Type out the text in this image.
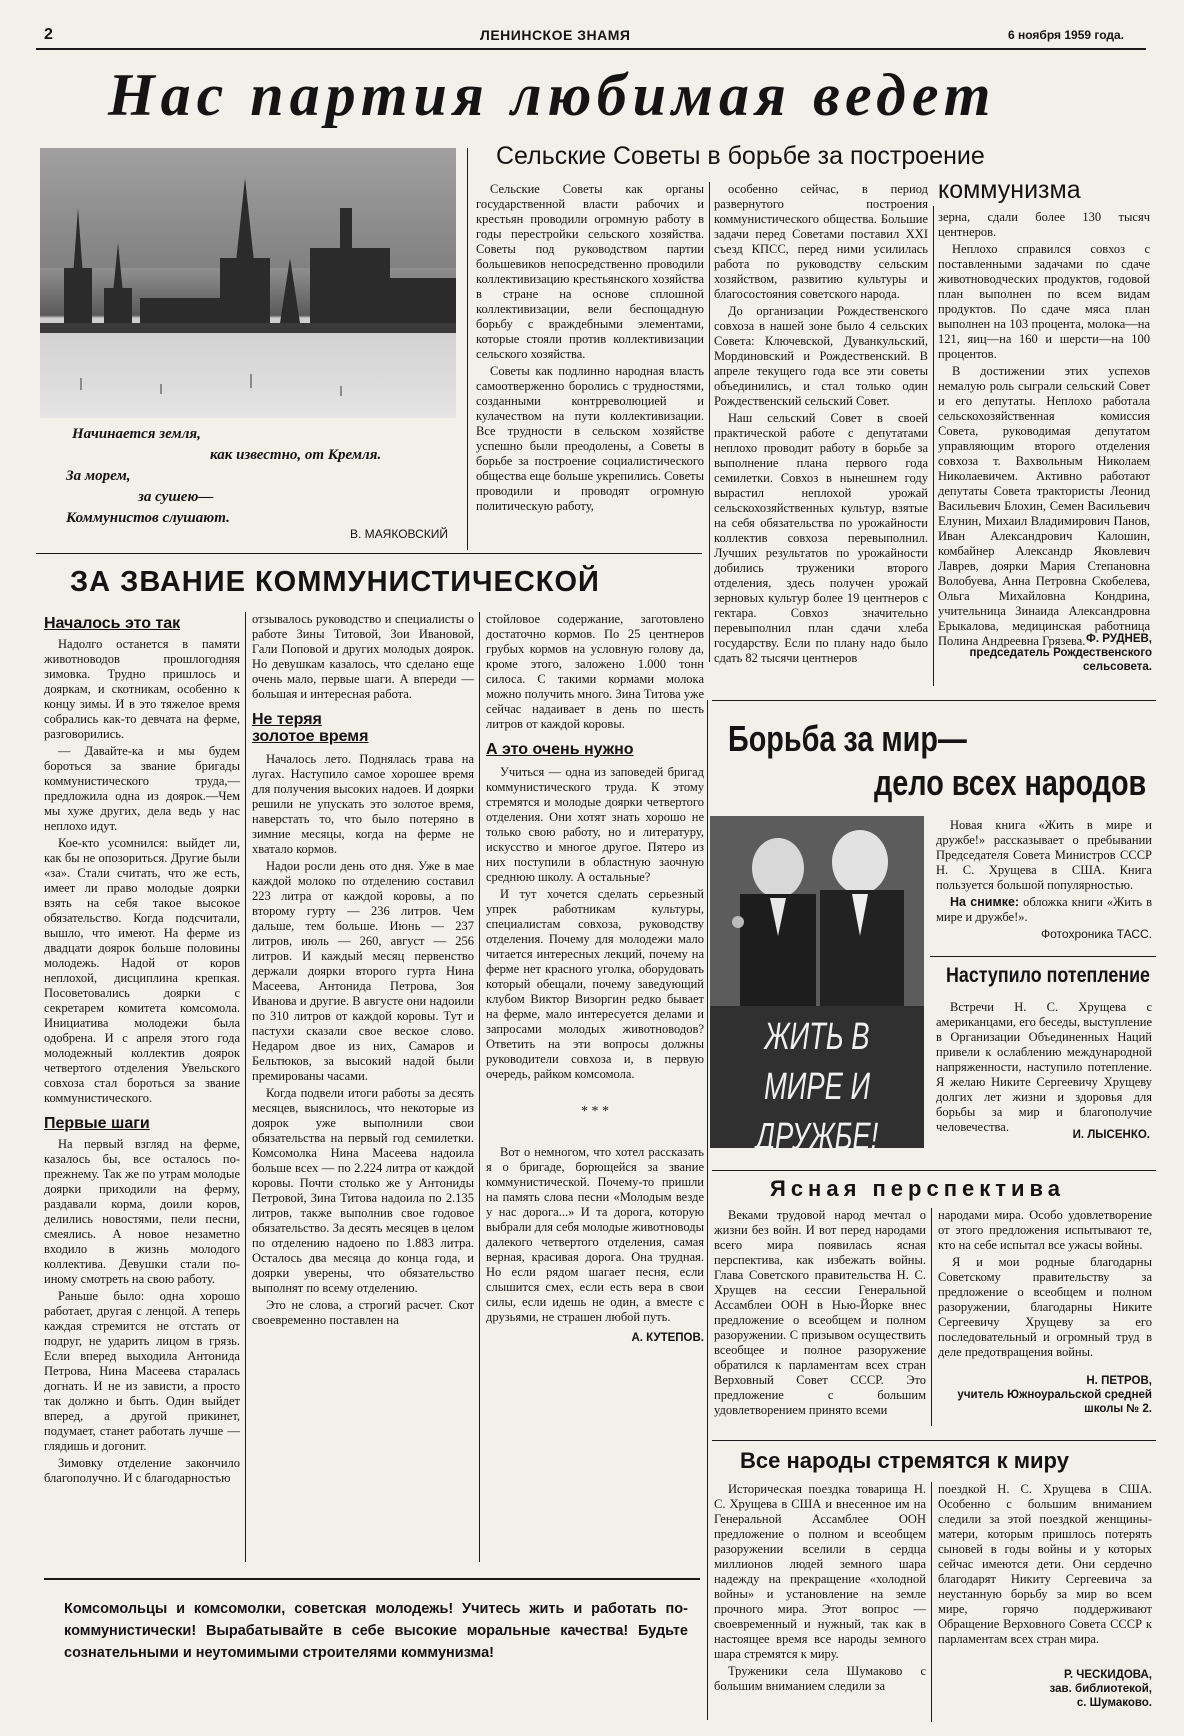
2	ЛЕНИНСКОЕ ЗНАМЯ	6 ноября 1959 года.
Нас партия любимая ведет
Начинается земля,
как известно, от Кремля.
За морем,
за сушею—
Коммунистов слушают.
В. МАЯКОВСКИЙ
Сельские Советы в борьбе за построение
коммунизма

Сельские Советы как органы государственной власти рабочих и крестьян проводили огромную работу в годы перестройки сельского хозяйства. Советы под руководством партии большевиков непосредственно проводили коллективизацию крестьянского хозяйства в стране на основе сплошной коллективизации, вели беспощадную борьбу с враждебными элементами, которые стояли против коллективизации сельского хозяйства.

Советы как подлинно народная власть самоотверженно боролись с трудностями, созданными контрреволюцией и кулачеством на пути коллективизации. Все трудности в сельском хозяйстве успешно были преодолены, а Советы в борьбе за построение социалистического общества еще больше укрепились. Советы проводили и проводят огромную политическую работу,

особенно сейчас, в период развернутого построения коммунистического общества. Большие задачи перед Советами поставил XXI съезд КПСС, перед ними усилилась работа по руководству сельским хозяйством, развитию культуры и благосостояния советского народа.

До организации Рождественского совхоза в нашей зоне было 4 сельских Совета: Ключевской, Дуванкульский, Мординовский и Рождественский. В апреле текущего года все эти советы объединились, и стал только один Рождественский сельский Совет.

Наш сельский Совет в своей практической работе с депутатами неплохо проводит работу в борьбе за выполнение плана первого года семилетки. Совхоз в нынешнем году вырастил неплохой урожай сельскохозяйственных культур, взятые на себя обязательства по урожайности коллектив совхоза перевыполнил. Лучших результатов по урожайности добились труженики второго отделения, здесь получен урожай зерновых культур более 19 центнеров с гектара. Совхоз значительно перевыполнил план сдачи хлеба государству. Если по плану надо было сдать 82 тысячи центнеров

зерна, сдали более 130 тысяч центнеров.

Неплохо справился совхоз с поставленными задачами по сдаче животноводческих продуктов, годовой план выполнен по всем видам продуктов. По сдаче мяса план выполнен на 103 процента, молока—на 121, яиц—на 160 и шерсти—на 100 процентов.

В достижении этих успехов немалую роль сыграли сельский Совет и его депутаты. Неплохо работала сельскохозяйственная комиссия Совета, руководимая депутатом управляющим второго отделения совхоза т. Вахвольным Николаем Николаевичем. Активно работают депутаты Совета трактористы Леонид Васильевич Блохин, Семен Васильевич Елунин, Михаил Владимирович Панов, Иван Александрович Калошин, комбайнер Александр Яковлевич Лаврев, доярки Мария Степановна Волобуева, Анна Петровна Скобелева, Ольга Михайловна Кондрина, учительница Зинаида Александровна Ерыкалова, медицинская работница Полина Андреевна Грязева. Ф. РУДНЕВ,
председатель Рождественского сельсовета.
ЗА ЗВАНИЕ КОММУНИСТИЧЕСКОЙ
Началось это так

Надолго останется в памяти животноводов прошлогодняя зимовка. Трудно пришлось и дояркам, и скотникам, особенно к концу зимы. И в это тяжелое время собрались как-то девчата на ферме, разговорились.

— Давайте-ка и мы будем бороться за звание бригады коммунистического труда,—предложила одна из доярок.—Чем мы хуже других, дела ведь у нас неплохо идут.

Кое-кто усомнился: выйдет ли, как бы не опозориться. Другие были «за». Стали считать, что же есть, имеет ли право молодые доярки взять на себя такое высокое обязательство. Когда подсчитали, вышло, что имеют. На ферме из двадцати доярок больше половины молодежь. Надой от коров неплохой, дисциплина крепкая. Посоветовались доярки с секретарем комитета комсомола. Инициатива молодежи была одобрена. И с апреля этого года молодежный коллектив доярок четвертого отделения Увельского совхоза стал бороться за звание коммунистического.

Первые шаги

На первый взгляд на ферме, казалось бы, все осталось по-прежнему. Так же по утрам молодые доярки приходили на ферму, раздавали корма, доили коров, делились новостями, пели песни, смеялись. А новое незаметно входило в жизнь молодого коллектива. Девушки стали по-иному смотреть на свою работу.

Раньше было: одна хорошо работает, другая с ленцой. А теперь каждая стремится не отстать от подруг, не ударить лицом в грязь. Если вперед выходила Антонида Петрова, Нина Масеева старалась догнать. И не из зависти, а просто так должно и быть. Один выйдет вперед, а другой прикинет, подумает, станет работать лучше — глядишь и догонит.

Зимовку отделение закончило благополучно. И с благодарностью

отзывалось руководство и специалисты о работе Зины Титовой, Зои Ивановой, Гали Поповой и других молодых доярок. Но девушкам казалось, что сделано еще очень мало, первые шаги. А впереди — большая и интересная работа.

Не теряя
золотое время

Началось лето. Поднялась трава на лугах. Наступило самое хорошее время для получения высоких надоев. И доярки решили не упускать это золотое время, наверстать то, что было потеряно в зимние месяцы, когда на ферме не хватало кормов.

Надои росли день ото дня. Уже в мае каждой молоко по отделению составил 223 литра от каждой коровы, а по второму гурту — 236 литров. Чем дальше, тем больше. Июнь — 237 литров, июль — 260, август — 256 литров. И каждый месяц первенство держали доярки второго гурта Нина Масеева, Антонида Петрова, Зоя Иванова и другие. В августе они надоили по 310 литров от каждой коровы. Тут и пастухи сказали свое веское слово. Недаром двое из них, Самаров и Бельтюков, за высокий надой были премированы часами.

Когда подвели итоги работы за десять месяцев, выяснилось, что некоторые из доярок уже выполнили свои обязательства на первый год семилетки. Комсомолка Нина Масеева надоила больше всех — по 2.224 литра от каждой коровы. Почти столько же у Антониды Петровой, Зина Титова надоила по 2.135 литров, также выполнив свое годовое обязательство. За десять месяцев в целом по отделению надоено по 1.883 литра. Осталось два месяца до конца года, и доярки уверены, что обязательство выполнят по всему отделению.

Это не слова, а строгий расчет. Скот своевременно поставлен на

стойловое содержание, заготовлено достаточно кормов. По 25 центнеров грубых кормов на условную голову да, кроме этого, заложено 1.000 тонн силоса. С такими кормами молока можно получить много. Зина Титова уже сейчас надаивает в день по шесть литров от каждой коровы.

А это очень нужно

Учиться — одна из заповедей бригад коммунистического труда. К этому стремятся и молодые доярки четвертого отделения. Они хотят знать хорошо не только свою работу, но и литературу, искусство и многое другое. Пятеро из них поступили в областную заочную среднюю школу. А остальные?

И тут хочется сделать серьезный упрек работникам культуры, специалистам совхоза, руководству отделения. Почему для молодежи мало читается интересных лекций, почему на ферме нет красного уголка, оборудовать который обещали, почему заведующий клубом Виктор Визоргин редко бывает на ферме, мало интересуется делами и запросами молодых животноводов? Ответить на эти вопросы должны руководители совхоза и, в первую очередь, райком комсомола.

* * *

Вот о немногом, что хотел рассказать я о бригаде, борющейся за звание коммунистической. Почему-то пришли на память слова песни «Молодым везде у нас дорога...» И та дорога, которую выбрали для себя молодые животноводы далекого четвертого отделения, самая верная, красивая дорога. Она трудная. Но если рядом шагает песня, если слышится смех, если есть вера в свои силы, если идешь не один, а вместе с друзьями, не страшен любой путь.

А. КУТЕПОВ.
Комсомольцы и комсомолки, советская молодежь! Учитесь жить и работать по-коммунистически! Вырабатывайте в себе высокие моральные качества! Будьте сознательными и неутомимыми строителями коммунизма!
Борьба за мир—
дело всех народов
ЖИТЬ В МИРЕ И ДРУЖБЕ!

Новая книга «Жить в мире и дружбе!» рассказывает о пребывании Председателя Совета Министров СССР Н. С. Хрущева в США. Книга пользуется большой популярностью.

На снимке: обложка книги «Жить в мире и дружбе!».

Фотохроника ТАСС.
Наступило потепление

Встречи Н. С. Хрущева с американцами, его беседы, выступление в Организации Объединенных Наций привели к ослаблению международной напряженности, наступило потепление. Я желаю Никите Сергеевичу Хрущеву долгих лет жизни и здоровья для борьбы за мир и благополучие человечества.

И. ЛЫСЕНКО.
Ясная перспектива

Веками трудовой народ мечтал о жизни без войн. И вот перед народами всего мира появилась ясная перспектива, как избежать войны. Глава Советского правительства Н. С. Хрущев на сессии Генеральной Ассамблеи ООН в Нью-Йорке внес предложение о всеобщем и полном разоружении. С призывом осуществить всеобщее и полное разоружение обратился к парламентам всех стран Верховный Совет СССР. Это предложение с большим удовлетворением принято всеми

народами мира. Особо удовлетворение от этого предложения испытывают те, кто на себе испытал все ужасы войны.

Я и мои родные благодарны Советскому правительству за предложение о всеобщем и полном разоружении, благодарны Никите Сергеевичу Хрущеву за его последовательный и огромный труд в деле предотвращения войны.

Н. ПЕТРОВ,
учитель Южноуральской средней школы № 2.
Все народы стремятся к миру

Историческая поездка товарища Н. С. Хрущева в США и внесенное им на Генеральной Ассамблее ООН предложение о полном и всеобщем разоружении вселили в сердца миллионов людей земного шара надежду на прекращение «холодной войны» и установление на земле прочного мира. Этот вопрос — своевременный и нужный, так как в настоящее время все народы земного шара стремятся к миру.

Труженики села Шумаково с большим вниманием следили за

поездкой Н. С. Хрущева в США. Особенно с большим вниманием следили за этой поездкой женщины-матери, которым пришлось потерять сыновей в годы войны и у которых сейчас имеются дети. Они сердечно благодарят Никиту Сергеевича за неустанную борьбу за мир во всем мире, горячо поддерживают Обращение Верховного Совета СССР к парламентам всех стран мира.

Р. ЧЕСКИДОВА,
зав. библиотекой,
с. Шумаково.
